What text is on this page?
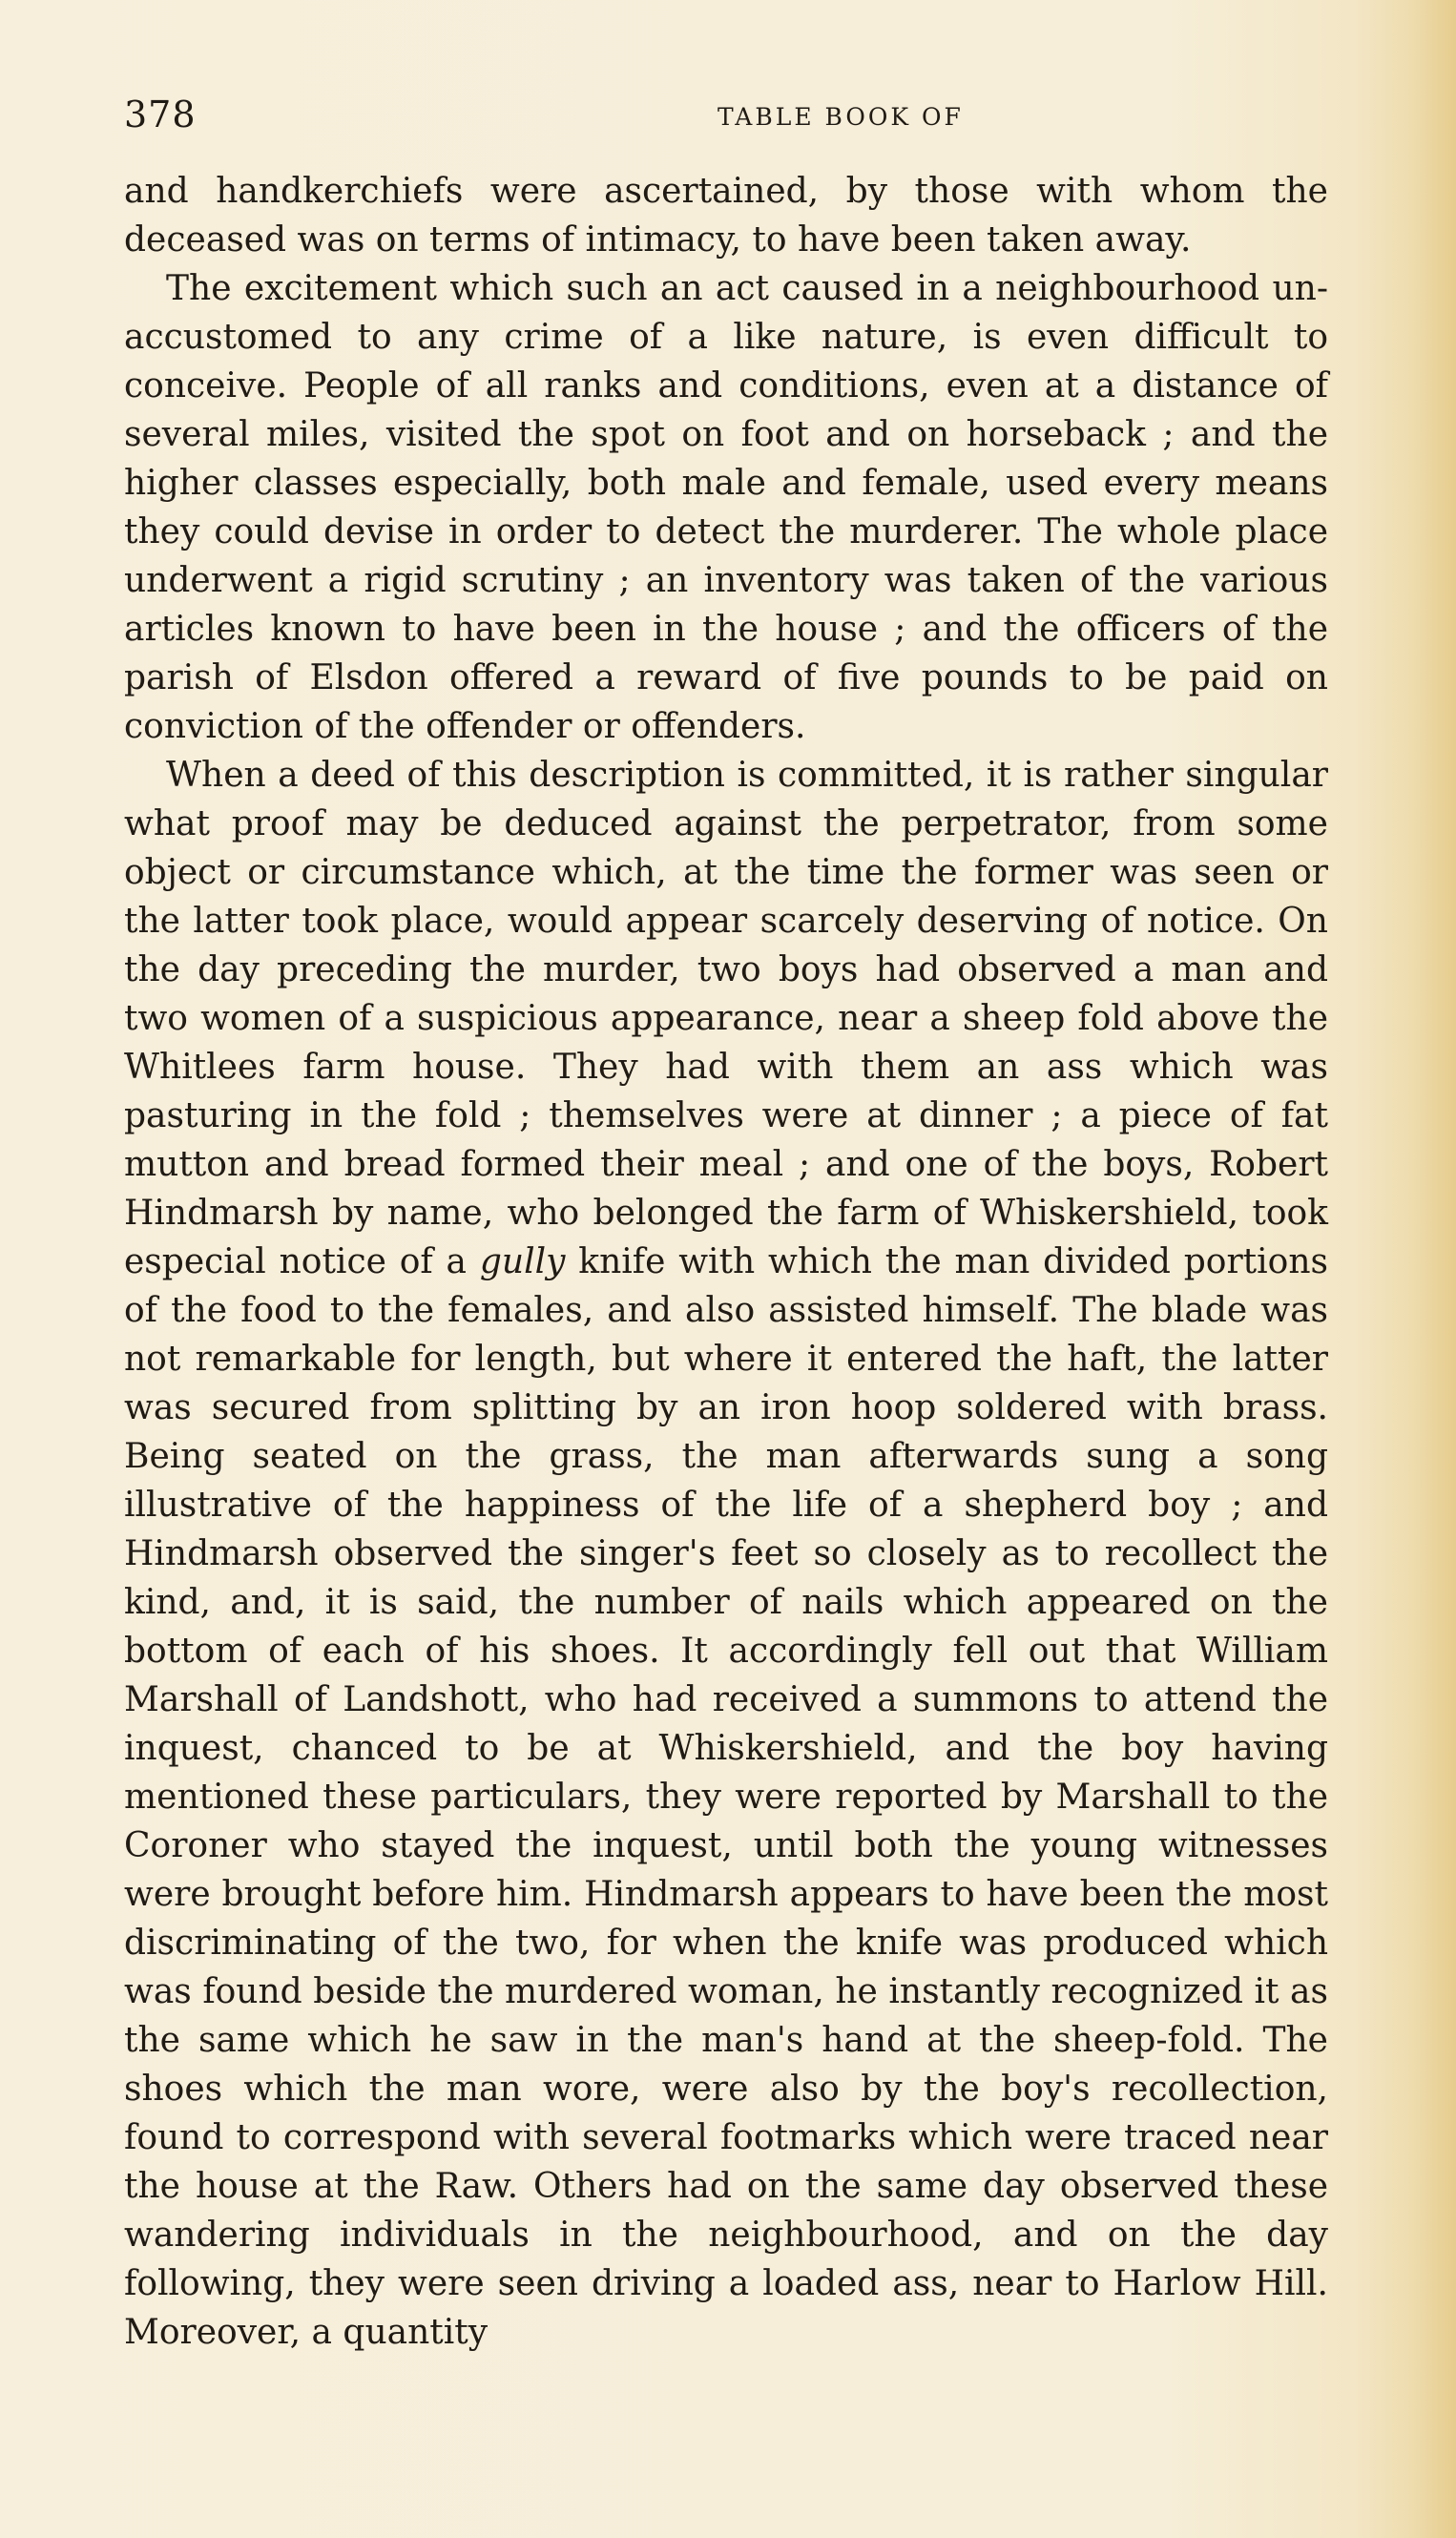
378	TABLE BOOK OF

and handkerchiefs were ascertained, by those with whom the deceased was on terms of intimacy, to have been taken away.

The excitement which such an act caused in a neighbourhood unaccustomed to any crime of a like nature, is even difficult to conceive. People of all ranks and conditions, even at a distance of several miles, visited the spot on foot and on horseback ; and the higher classes especially, both male and female, used every means they could devise in order to detect the murderer. The whole place underwent a rigid scrutiny ; an inventory was taken of the various articles known to have been in the house ; and the officers of the parish of Elsdon offered a reward of five pounds to be paid on conviction of the offender or offenders.

When a deed of this description is committed, it is rather singular what proof may be deduced against the perpetrator, from some object or circumstance which, at the time the former was seen or the latter took place, would appear scarcely deserving of notice. On the day preceding the murder, two boys had observed a man and two women of a suspicious appearance, near a sheep fold above the Whitlees farm house. They had with them an ass which was pasturing in the fold ; themselves were at dinner ; a piece of fat mutton and bread formed their meal ; and one of the boys, Robert Hindmarsh by name, who belonged the farm of Whiskershield, took especial notice of a gully knife with which the man divided portions of the food to the females, and also assisted himself. The blade was not remarkable for length, but where it entered the haft, the latter was secured from splitting by an iron hoop soldered with brass. Being seated on the grass, the man afterwards sung a song illustrative of the happiness of the life of a shepherd boy ; and Hindmarsh observed the singer's feet so closely as to recollect the kind, and, it is said, the number of nails which appeared on the bottom of each of his shoes. It accordingly fell out that William Marshall of Landshott, who had received a summons to attend the inquest, chanced to be at Whiskershield, and the boy having mentioned these particulars, they were reported by Marshall to the Coroner who stayed the inquest, until both the young witnesses were brought before him. Hindmarsh appears to have been the most discriminating of the two, for when the knife was produced which was found beside the murdered woman, he instantly recognized it as the same which he saw in the man's hand at the sheep-fold. The shoes which the man wore, were also by the boy's recollection, found to correspond with several footmarks which were traced near the house at the Raw. Others had on the same day observed these wandering individuals in the neighbourhood, and on the day following, they were seen driving a loaded ass, near to Harlow Hill. Moreover, a quantity
